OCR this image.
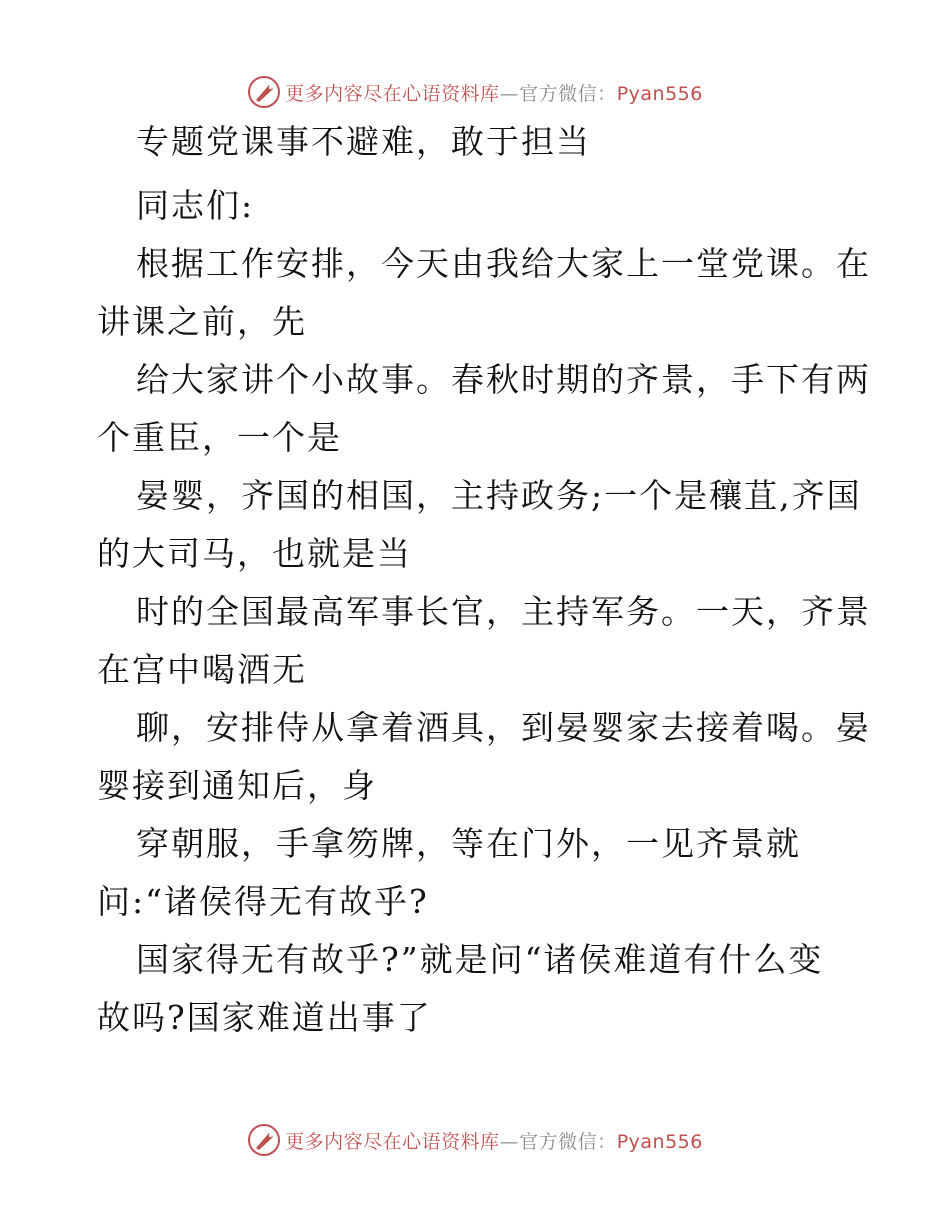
更多内容尽在心语资料库—官方微信：Pyan556
专题党课事不避难，敢于担当
同志们:
根据工作安排，今天由我给大家上一堂党课。在
讲课之前，先
给大家讲个小故事。春秋时期的齐景，手下有两
个重臣，一个是
晏婴，齐国的相国，主持政务;一个是穰苴,齐国
的大司马，也就是当
时的全国最高军事长官，主持军务。一天，齐景
在宫中喝酒无
聊，安排侍从拿着酒具，到晏婴家去接着喝。晏
婴接到通知后，身
穿朝服，手拿笏牌，等在门外，一见齐景就
问:“诸侯得无有故乎?
国家得无有故乎?”就是问“诸侯难道有什么变
故吗?国家难道出事了
更多内容尽在心语资料库—官方微信：Pyan556
